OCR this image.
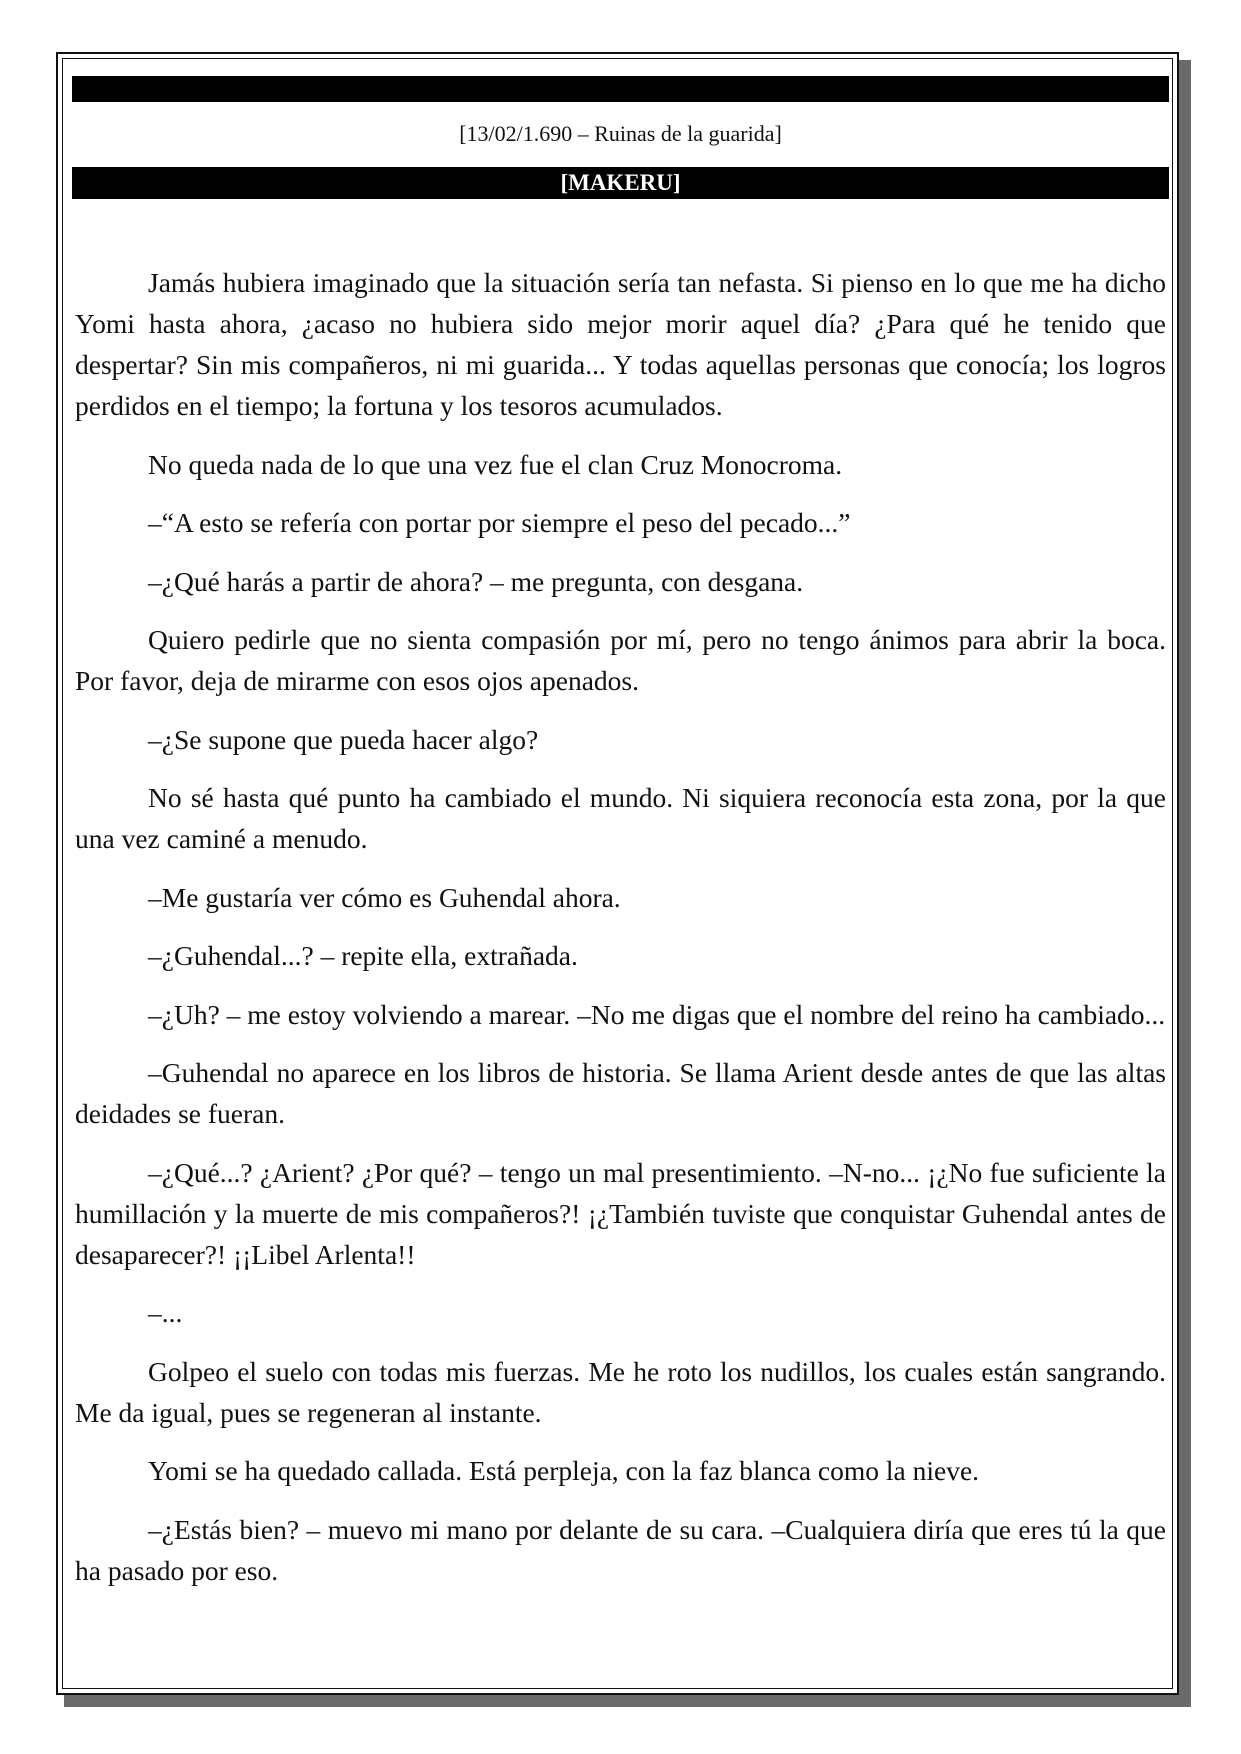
[13/02/1.690 – Ruinas de la guarida]
[MAKERU]

Jamás hubiera imaginado que la situación sería tan nefasta. Si pienso en lo que me ha dicho Yomi hasta ahora, ¿acaso no hubiera sido mejor morir aquel día? ¿Para qué he tenido que despertar? Sin mis compañeros, ni mi guarida... Y todas aquellas personas que conocía; los logros perdidos en el tiempo; la fortuna y los tesoros acumulados.

No queda nada de lo que una vez fue el clan Cruz Monocroma.

–“A esto se refería con portar por siempre el peso del pecado...”

–¿Qué harás a partir de ahora? – me pregunta, con desgana.

Quiero pedirle que no sienta compasión por mí, pero no tengo ánimos para abrir la boca. Por favor, deja de mirarme con esos ojos apenados.

–¿Se supone que pueda hacer algo?

No sé hasta qué punto ha cambiado el mundo. Ni siquiera reconocía esta zona, por la que una vez caminé a menudo.

–Me gustaría ver cómo es Guhendal ahora.

–¿Guhendal...? – repite ella, extrañada.

–¿Uh? – me estoy volviendo a marear. –No me digas que el nombre del reino ha cambiado...

–Guhendal no aparece en los libros de historia. Se llama Arient desde antes de que las altas deidades se fueran.

–¿Qué...? ¿Arient? ¿Por qué? – tengo un mal presentimiento. –N-no... ¡¿No fue suficiente la humillación y la muerte de mis compañeros?! ¡¿También tuviste que conquistar Guhendal antes de desaparecer?! ¡¡Libel Arlenta!!

–...

Golpeo el suelo con todas mis fuerzas. Me he roto los nudillos, los cuales están sangrando. Me da igual, pues se regeneran al instante.

Yomi se ha quedado callada. Está perpleja, con la faz blanca como la nieve.

–¿Estás bien? – muevo mi mano por delante de su cara. –Cualquiera diría que eres tú la que ha pasado por eso.
